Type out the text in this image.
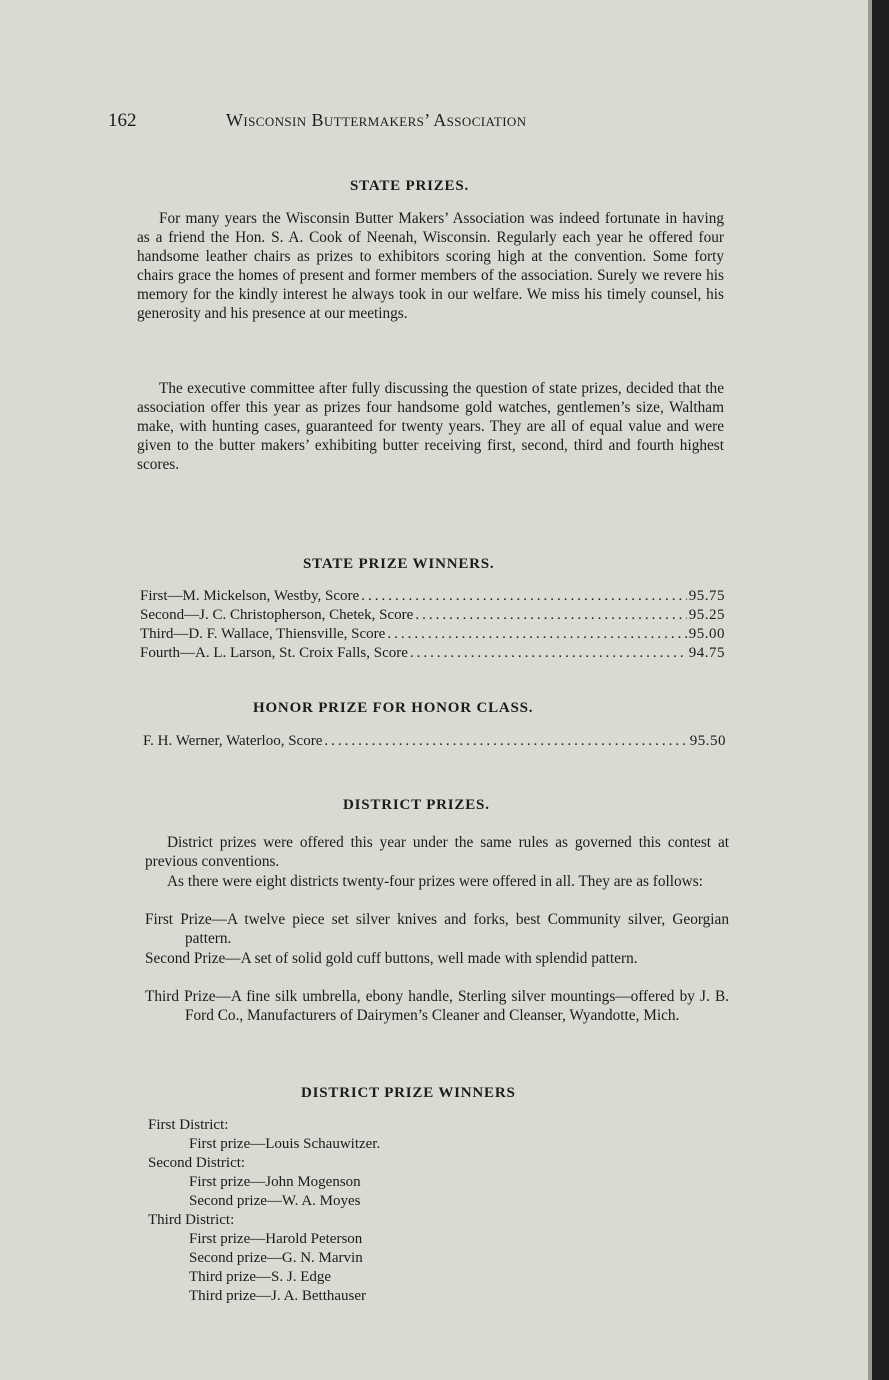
162	Wisconsin Buttermakers’ Association
STATE PRIZES.

For many years the Wisconsin Butter Makers’ Association was indeed fortunate in having as a friend the Hon. S. A. Cook of Neenah, Wisconsin. Regularly each year he offered four handsome leather chairs as prizes to exhibitors scoring high at the convention. Some forty chairs grace the homes of present and former members of the association. Surely we revere his memory for the kindly interest he always took in our welfare. We miss his timely counsel, his generosity and his presence at our meetings.

The executive committee after fully discussing the question of state prizes, decided that the association offer this year as prizes four handsome gold watches, gentlemen’s size, Waltham make, with hunting cases, guaranteed for twenty years. They are all of equal value and were given to the butter makers’ exhibiting butter receiving first, second, third and fourth highest scores.

STATE PRIZE WINNERS.
First—M. Mickelson, Westby, Score .....	95.75
Second—J. C. Christopherson, Chetek, Score .....	95.25
Third—D. F. Wallace, Thiensville, Score .....	95.00
Fourth—A. L. Larson, St. Croix Falls, Score .....	94.75
HONOR PRIZE FOR HONOR CLASS.
F. H. Werner, Waterloo, Score .....	95.50
DISTRICT PRIZES.

District prizes were offered this year under the same rules as governed this contest at previous conventions.

As there were eight districts twenty-four prizes were offered in all. They are as follows:

First Prize—A twelve piece set silver knives and forks, best Community silver, Georgian pattern.

Second Prize—A set of solid gold cuff buttons, well made with splendid pattern.

Third Prize—A fine silk umbrella, ebony handle, Sterling silver mountings—offered by J. B. Ford Co., Manufacturers of Dairymen’s Cleaner and Cleanser, Wyandotte, Mich.

DISTRICT PRIZE WINNERS
First District:
First prize—Louis Schauwitzer.
Second District:
First prize—John Mogenson
Second prize—W. A. Moyes
Third District:
First prize—Harold Peterson
Second prize—G. N. Marvin
Third prize—S. J. Edge
Third prize—J. A. Betthauser
